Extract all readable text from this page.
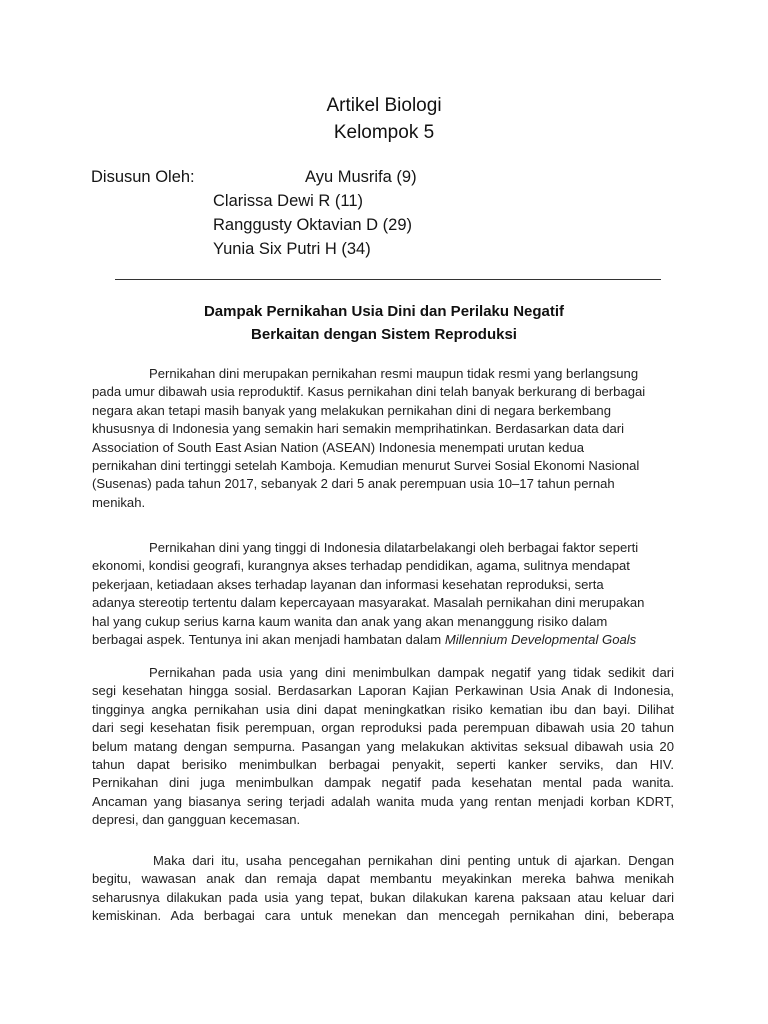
Artikel Biologi
Kelompok 5
Disusun Oleh:	Ayu Musrifa (9)
Clarissa Dewi R (11)
Ranggusty Oktavian D (29)
Yunia Six Putri H (34)
Dampak Pernikahan Usia Dini dan Perilaku Negatif
Berkaitan dengan Sistem Reproduksi
Pernikahan dini merupakan pernikahan resmi maupun tidak resmi yang berlangsung
pada umur dibawah usia reproduktif. Kasus pernikahan dini telah banyak berkurang di berbagai
negara akan tetapi masih banyak yang melakukan pernikahan dini di negara berkembang
khususnya di Indonesia yang semakin hari semakin memprihatinkan. Berdasarkan data dari
Association of South East Asian Nation (ASEAN) Indonesia menempati urutan kedua
pernikahan dini tertinggi setelah Kamboja. Kemudian menurut Survei Sosial Ekonomi Nasional
(Susenas) pada tahun 2017, sebanyak 2 dari 5 anak perempuan usia 10–17 tahun pernah
menikah.
Pernikahan dini yang tinggi di Indonesia dilatarbelakangi oleh berbagai faktor seperti
ekonomi, kondisi geografi, kurangnya akses terhadap pendidikan, agama, sulitnya mendapat
pekerjaan, ketiadaan akses terhadap layanan dan informasi kesehatan reproduksi, serta
adanya stereotip tertentu dalam kepercayaan masyarakat. Masalah pernikahan dini merupakan
hal yang cukup serius karna kaum wanita dan anak yang akan menanggung risiko dalam
berbagai aspek. Tentunya ini akan menjadi hambatan dalam Millennium Developmental Goals
Pernikahan pada usia yang dini menimbulkan dampak negatif yang tidak sedikit dari
segi kesehatan hingga sosial. Berdasarkan Laporan Kajian Perkawinan Usia Anak di Indonesia,
tingginya angka pernikahan usia dini dapat meningkatkan risiko kematian ibu dan bayi. Dilihat
dari segi kesehatan fisik perempuan, organ reproduksi pada perempuan dibawah usia 20 tahun
belum matang dengan sempurna. Pasangan yang melakukan aktivitas seksual dibawah usia 20
tahun dapat berisiko menimbulkan berbagai penyakit, seperti kanker serviks, dan HIV.
Pernikahan dini juga menimbulkan dampak negatif pada kesehatan mental pada wanita.
Ancaman yang biasanya sering terjadi adalah wanita muda yang rentan menjadi korban KDRT,
depresi, dan gangguan kecemasan.
Maka dari itu, usaha pencegahan pernikahan dini penting untuk di ajarkan. Dengan
begitu, wawasan anak dan remaja dapat membantu meyakinkan mereka bahwa menikah
seharusnya dilakukan pada usia yang tepat, bukan dilakukan karena paksaan atau keluar dari
kemiskinan. Ada berbagai cara untuk menekan dan mencegah pernikahan dini, beberapa
